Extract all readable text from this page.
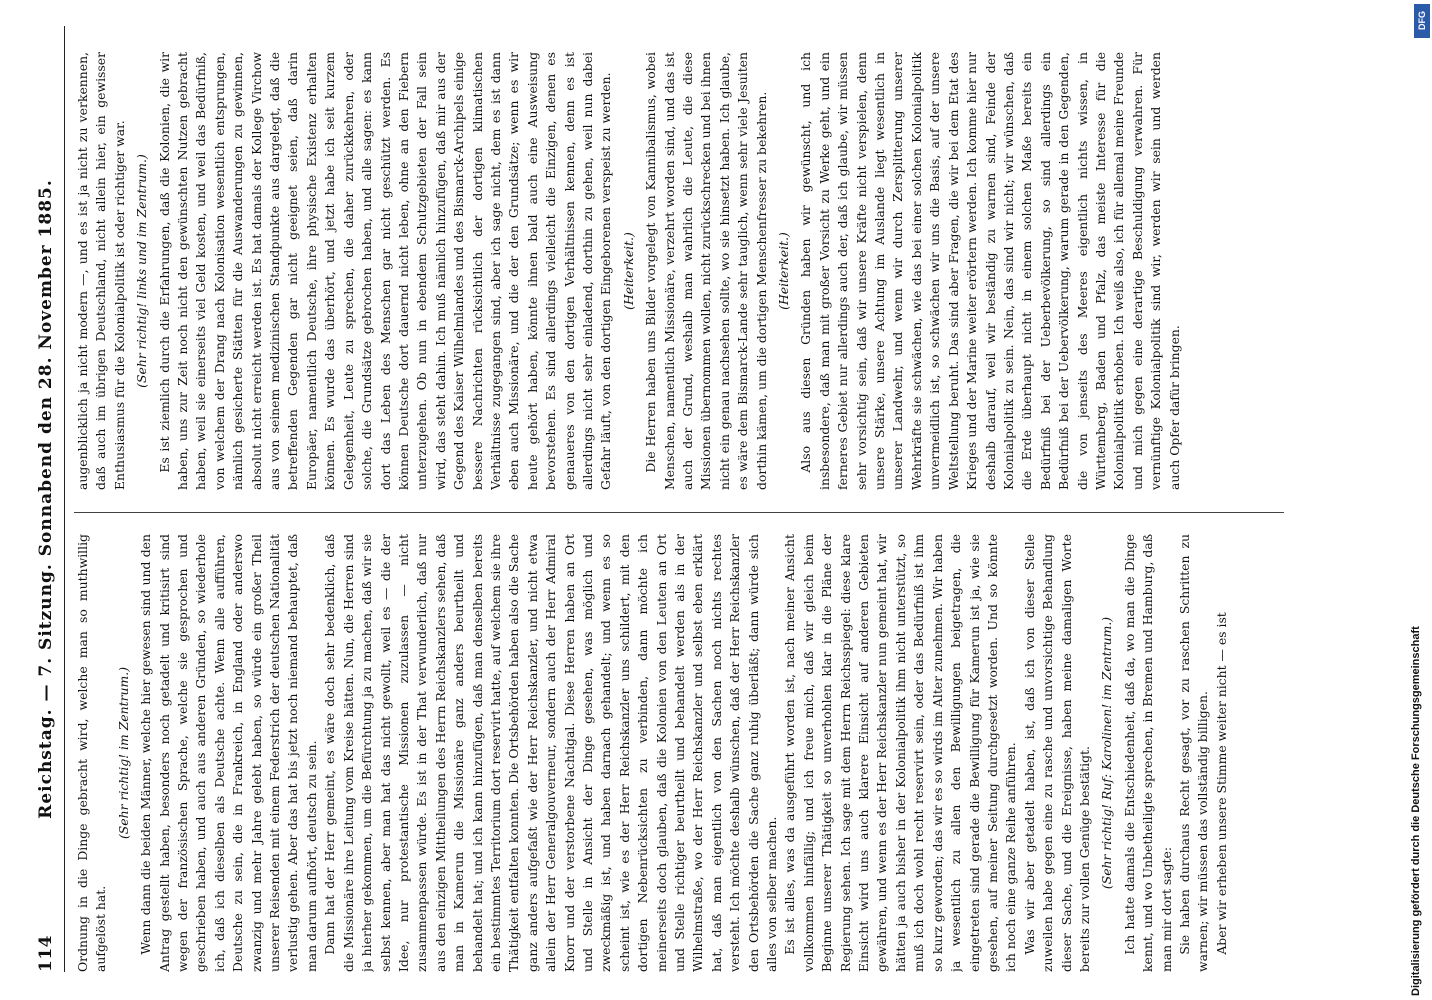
114
Reichstag. — 7. Sitzung. Sonnabend den 28. November 1885. Ordnung in die Dinge gebracht wird, welche man so muthwillig aufgelöst hat.

(Sehr richtig! im Zentrum.) Wenn dann die beiden Männer, welche hier gewesen sind und den Antrag gestellt haben, besonders noch getadelt und kritisirt sind wegen der französischen Sprache, welche sie gesprochen und geschrieben haben, und auch aus anderen Gründen, so wiederhole ich, daß ich dieselben als Deutsche achte. Wenn alle aufführen, Deutsche zu sein, die in Frankreich, in England oder anderswo zwanzig und mehr Jahre gelebt haben, so würde ein großer Theil unserer Reisenden mit einem Federstrich der deutschen Nationalität verlustig gehen. Aber das hat bis jetzt noch niemand behauptet, daß man darum aufhört, deutsch zu sein. Dann hat der Herr gemeint, es wäre doch sehr bedenklich, daß die Missionäre ihre Leitung vom Kreise hätten. Nun, die Herren sind ja hierher gekommen, um die Befürchtung ja zu machen, daß wir sie selbst kennen, aber man hat das nicht gewollt, weil es — die der Idee, nur protestantische Missionen zuzulassen — nicht zusammenpassen würde. Es ist in der That verwunderlich, daß nur aus den einzigen Mittheilungen des Herrn Reichskanzlers sehen, daß man in Kamerun die Missionäre ganz anders beurtheilt und behandelt hat; und ich kann hinzufügen, daß man denselben bereits ein bestimmtes Territorium dort reservirt hatte, auf welchem sie ihre Thätigkeit entfalten konnten. Die Ortsbehörden haben also die Sache ganz anders aufgefaßt wie der Herr Reichskanzler, und nicht etwa allein der Herr Generalgouverneur, sondern auch der Herr Admiral Knorr und der verstorbene Nachtigal. Diese Herren haben an Ort und Stelle in Ansicht der Dinge gesehen, was möglich und zweckmäßig ist, und haben darnach gehandelt; und wenn es so scheint ist, wie es der Herr Reichskanzler uns schildert, mit den dortigen Nebenrücksichten zu verbinden, dann möchte ich meinerseits doch glauben, daß die Kolonien von den Leuten an Ort und Stelle richtiger beurtheilt und behandelt werden als in der Wilhelmstraße, wo der Herr Reichskanzler und selbst eben erklärt hat, daß man eigentlich von den Sachen noch nichts rechtes versteht. Ich möchte deshalb wünschen, daß der Herr Reichskanzler den Ortsbehörden die Sache ganz ruhig überläßt; dann würde sich alles von selber machen. Es ist alles, was da ausgeführt worden ist, nach meiner Ansicht vollkommen hinfällig; und ich freue mich, daß wir gleich beim Beginne unserer Thätigkeit so unverhohlen klar in die Pläne der Regierung sehen. Ich sage mit dem Herrn Reichsspiegel: diese klare Einsicht wird uns auch klarere Einsicht auf anderen Gebieten gewähren, und wenn es der Herr Reichskanzler nun gemeint hat, wir hätten ja auch bisher in der Kolonialpolitik ihm nicht unterstützt, so muß ich doch wohl recht reservirt sein, oder das Bedürfniß ist ihm so kurz geworden; das wir es so wirds im Alter zunehmen. Wir haben ja wesentlich zu allen den Bewilligungen beigetragen, die eingetreten sind gerade die Bewilligung für Kamerun ist ja, wie sie gesehen, auf meiner Seitung durchgesetzt worden. Und so könnte ich noch eine ganze Reihe anführen. Was wir aber getadelt haben, ist, daß ich von dieser Stelle zuweilen habe gegen eine zu rasche und unvorsichtige Behandlung dieser Sache, und die Ereignisse, haben meine damaligen Worte bereits zur vollen Genüge bestätigt. (Sehr richtig! Ruf: Karolinen! im Zentrum.) Ich hatte damals die Entschiedenheit, daß da, wo man die Dinge kennt, und wo Unbetheiligte sprechen, in Bremen und Hamburg, daß man mir dort sagte: Sie haben durchaus Recht gesagt, vor zu raschen Schritten zu warnen; wir müssen das vollständig billigen. Aber wir erheben unsere Stimme weiter nicht — es ist

augenblicklich ja nicht modern —, und es ist ja nicht zu verkennen, daß auch im übrigen Deutschland, nicht allein hier, ein gewisser Enthusiasmus für die Kolonialpolitik ist oder richtiger war. (Sehr richtig! links und im Zentrum.) Es ist ziemlich durch die Erfahrungen, daß die Kolonien, die wir haben, uns zur Zeit noch nicht den gewünschten Nutzen gebracht haben, weil sie einerseits viel Geld kosten, und weil das Bedürfniß, von welchem der Drang nach Kolonisation wesentlich entsprungen, nämlich gesicherte Stätten für die Auswanderungen zu gewinnen, absolut nicht erreicht werden ist. Es hat damals der Kollege Virchow aus von seinem medizinischen Standpunkte aus dargelegt, daß die betreffenden Gegenden gar nicht geeignet seien, daß darin Europäer, namentlich Deutsche, ihre physische Existenz erhalten können. Es wurde das überhört, und jetzt habe ich seit kurzem Gelegenheit, Leute zu sprechen, die daher zurückkehren, oder solche, die Grundsätze gebrochen haben, und alle sagen: es kann dort das Leben des Menschen gar nicht geschützt werden. Es können Deutsche dort dauernd nicht leben, ohne an den Fiebern unterzugehen. Ob nun in ebendem Schutzgebieten der Fall sein wird, das steht dahin. Ich muß nämlich hinzufügen, daß mir aus der Gegend des Kaiser Wilhelmlandes und des Bismarck-Archipels einige bessere Nachrichten rücksichtlich der dortigen klimatischen Verhältnisse zugegangen sind, aber ich sage nicht, dem es ist dann eben auch Missionäre, und die der den Grundsätze; wenn es wir heute gehört haben, könnte ihnen bald auch eine Ausweisung bevorstehen. Es sind allerdings vielleicht die Einzigen, denen es genaueres von den dortigen Verhältnissen kennen, denn es ist allerdings nicht sehr einladend, dorthin zu gehen, weil nun dabei Gefahr läuft, von den dortigen Eingeborenen verspeist zu werden. (Heiterkeit.) Die Herren haben uns Bilder vorgelegt von Kannibalismus, wobei Menschen, namentlich Missionäre, verzehrt worden sind, und das ist auch der Grund, weshalb man wahrlich die Leute, die diese Missionen übernommen wollen, nicht zurückschrecken und bei ihnen nicht ein genau nachsehen sollte, wo sie hinsetzt haben. Ich glaube, es wäre dem Bismarck-Lande sehr tauglich, wenn sehr viele Jesuiten dorthin kämen, um die dortigen Menschenfresser zu bekehren. (Heiterkeit.) Also aus diesen Gründen haben wir gewünscht, und ich insbesondere, daß man mit großer Vorsicht zu Werke geht, und ein ferneres Gebiet nur allerdings auch der, daß ich glaube, wir müssen sehr vorsichtig sein, daß wir unsere Kräfte nicht verspielen, denn unsere Stärke, unsere Achtung im Auslande liegt wesentlich in unserer Landwehr, und wenn wir durch Zersplitterung unserer Wehrkräfte sie schwächen, wie das bei einer solchen Kolonialpolitik unvermeidlich ist, so schwächen wir uns die Basis, auf der unsere Weltstellung beruht. Das sind aber Fragen, die wir bei dem Etat des Krieges und der Marine weiter erörtern werden. Ich komme hier nur deshalb darauf, weil wir beständig zu warnen sind, Feinde der Kolonialpolitik zu sein. Nein, das sind wir nicht; wir wünschen, daß die Erde überhaupt nicht in einem solchen Maße bereits ein Bedürfniß bei der Ueberbevölkerung, so sind allerdings ein Bedürfniß bei der Uebervölkerung, warum gerade in den Gegenden, die von jenseits des Meeres eigentlich nichts wissen, in Württemberg, Baden und Pfalz, das meiste Interesse für die Kolonialpolitik erhoben. Ich weiß also, ich für allemal meine Freunde und mich gegen eine derartige Beschuldigung verwahren. Für vernünftige Kolonialpolitik sind wir, werden wir sein und werden auch Opfer dafür bringen.

Digitalisierung gefördert durch die Deutsche Forschungsgemeinschaft
DFG
